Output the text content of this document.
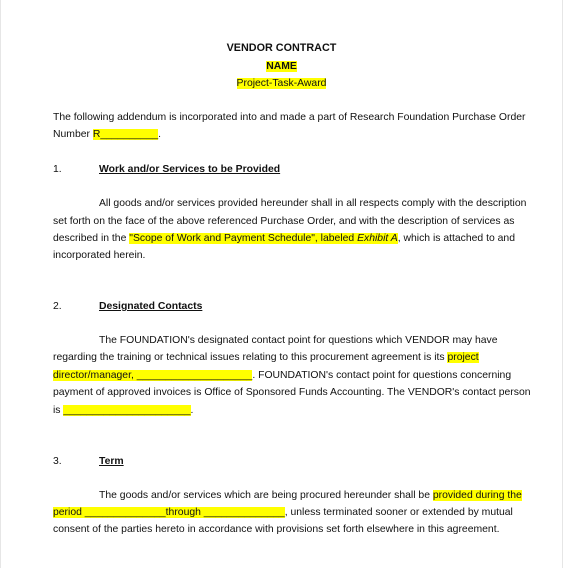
VENDOR CONTRACT
NAME
Project-Task-Award
The following addendum is incorporated into and made a part of Research Foundation Purchase Order
Number R__________.
1.	Work and/or Services to be Provided
All goods and/or services provided hereunder shall in all respects comply with the description
set forth on the face of the above referenced Purchase Order, and with the description of services as
described in the "Scope of Work and Payment Schedule", labeled Exhibit A, which is attached to and
incorporated herein.
2.	Designated Contacts
The FOUNDATION's designated contact point for questions which VENDOR may have
regarding the training or technical issues relating to this procurement agreement is its project
director/manager, ____________________. FOUNDATION's contact point for questions concerning
payment of approved invoices is Office of Sponsored Funds Accounting. The VENDOR's contact person
is ______________________.
3.	Term
The goods and/or services which are being procured hereunder shall be provided during the
period ______________through ______________, unless terminated sooner or extended by mutual
consent of the parties hereto in accordance with provisions set forth elsewhere in this agreement.
